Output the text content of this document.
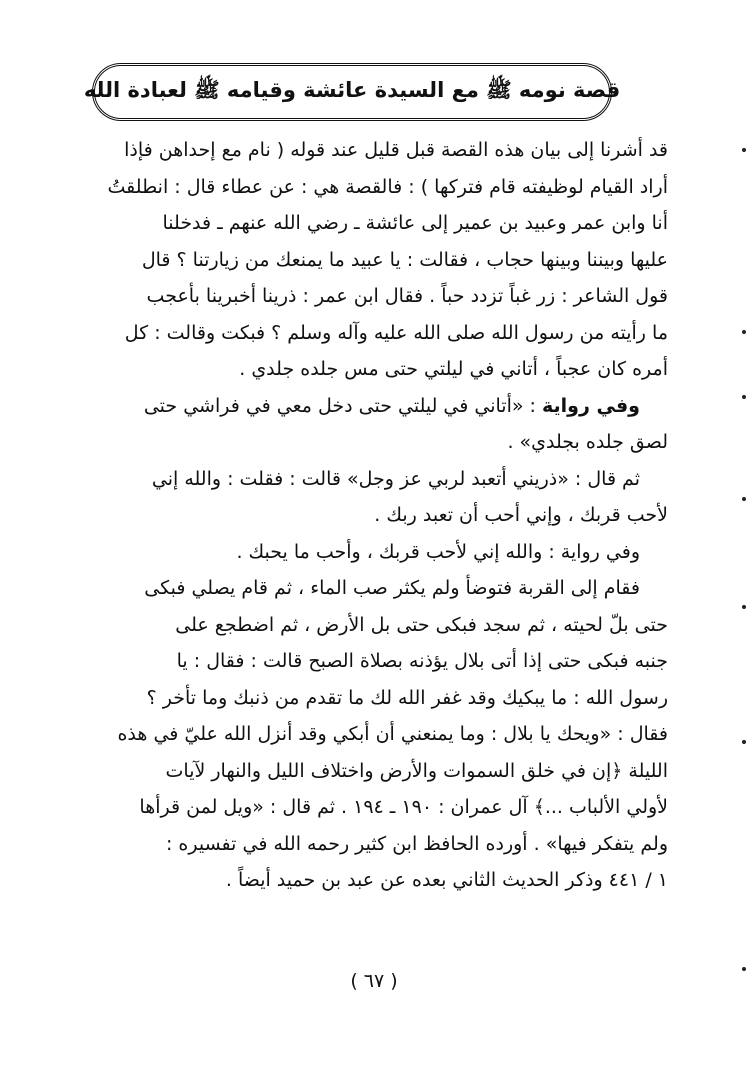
قصة نومه ﷺ مع السيدة عائشة وقيامه ﷺ لعبادة الله
قد أشرنا إلى بيان هذه القصة قبل قليل عند قوله ( نام مع إحداهن فإذا
أراد القيام لوظيفته قام فتركها ) : فالقصة هي : عن عطاء قال : انطلقتُ
أنا وابن عمر وعبيد بن عمير إلى عائشة ـ رضي الله عنهم ـ فدخلنا
عليها وبيننا وبينها حجاب ، فقالت : يا عبيد ما يمنعك من زيارتنا ؟ قال
قول الشاعر : زر غباً تزدد حباً . فقال ابن عمر : ذرينا أخبرينا بأعجب
ما رأيته من رسول الله صلى الله عليه وآله وسلم ؟ فبكت وقالت : كل
أمره كان عجباً ، أتاني في ليلتي حتى مس جلده جلدي .
وفي رواية : «أتاني في ليلتي حتى دخل معي في فراشي حتى
لصق جلده بجلدي» .
ثم قال : «ذريني أتعبد لربي عز وجل» قالت : فقلت : والله إني
لأحب قربك ، وإني أحب أن تعبد ربك .
وفي رواية : والله إني لأحب قربك ، وأحب ما يحبك .
فقام إلى القربة فتوضأ ولم يكثر صب الماء ، ثم قام يصلي فبكى
حتى بلّ لحيته ، ثم سجد فبكى حتى بل الأرض ، ثم اضطجع على
جنبه فبكى حتى إذا أتى بلال يؤذنه بصلاة الصبح قالت : فقال : يا
رسول الله : ما يبكيك وقد غفر الله لك ما تقدم من ذنبك وما تأخر ؟
فقال : «ويحك يا بلال : وما يمنعني أن أبكي وقد أنزل الله عليّ في هذه
الليلة ﴿إن في خلق السموات والأرض واختلاف الليل والنهار لآيات
لأولي الألباب ...﴾ آل عمران : ١٩٠ ـ ١٩٤ . ثم قال : «ويل لمن قرأها
ولم يتفكر فيها» . أورده الحافظ ابن كثير رحمه الله في تفسيره :
١ / ٤٤١ وذكر الحديث الثاني بعده عن عبد بن حميد أيضاً .
( ٦٧ )
